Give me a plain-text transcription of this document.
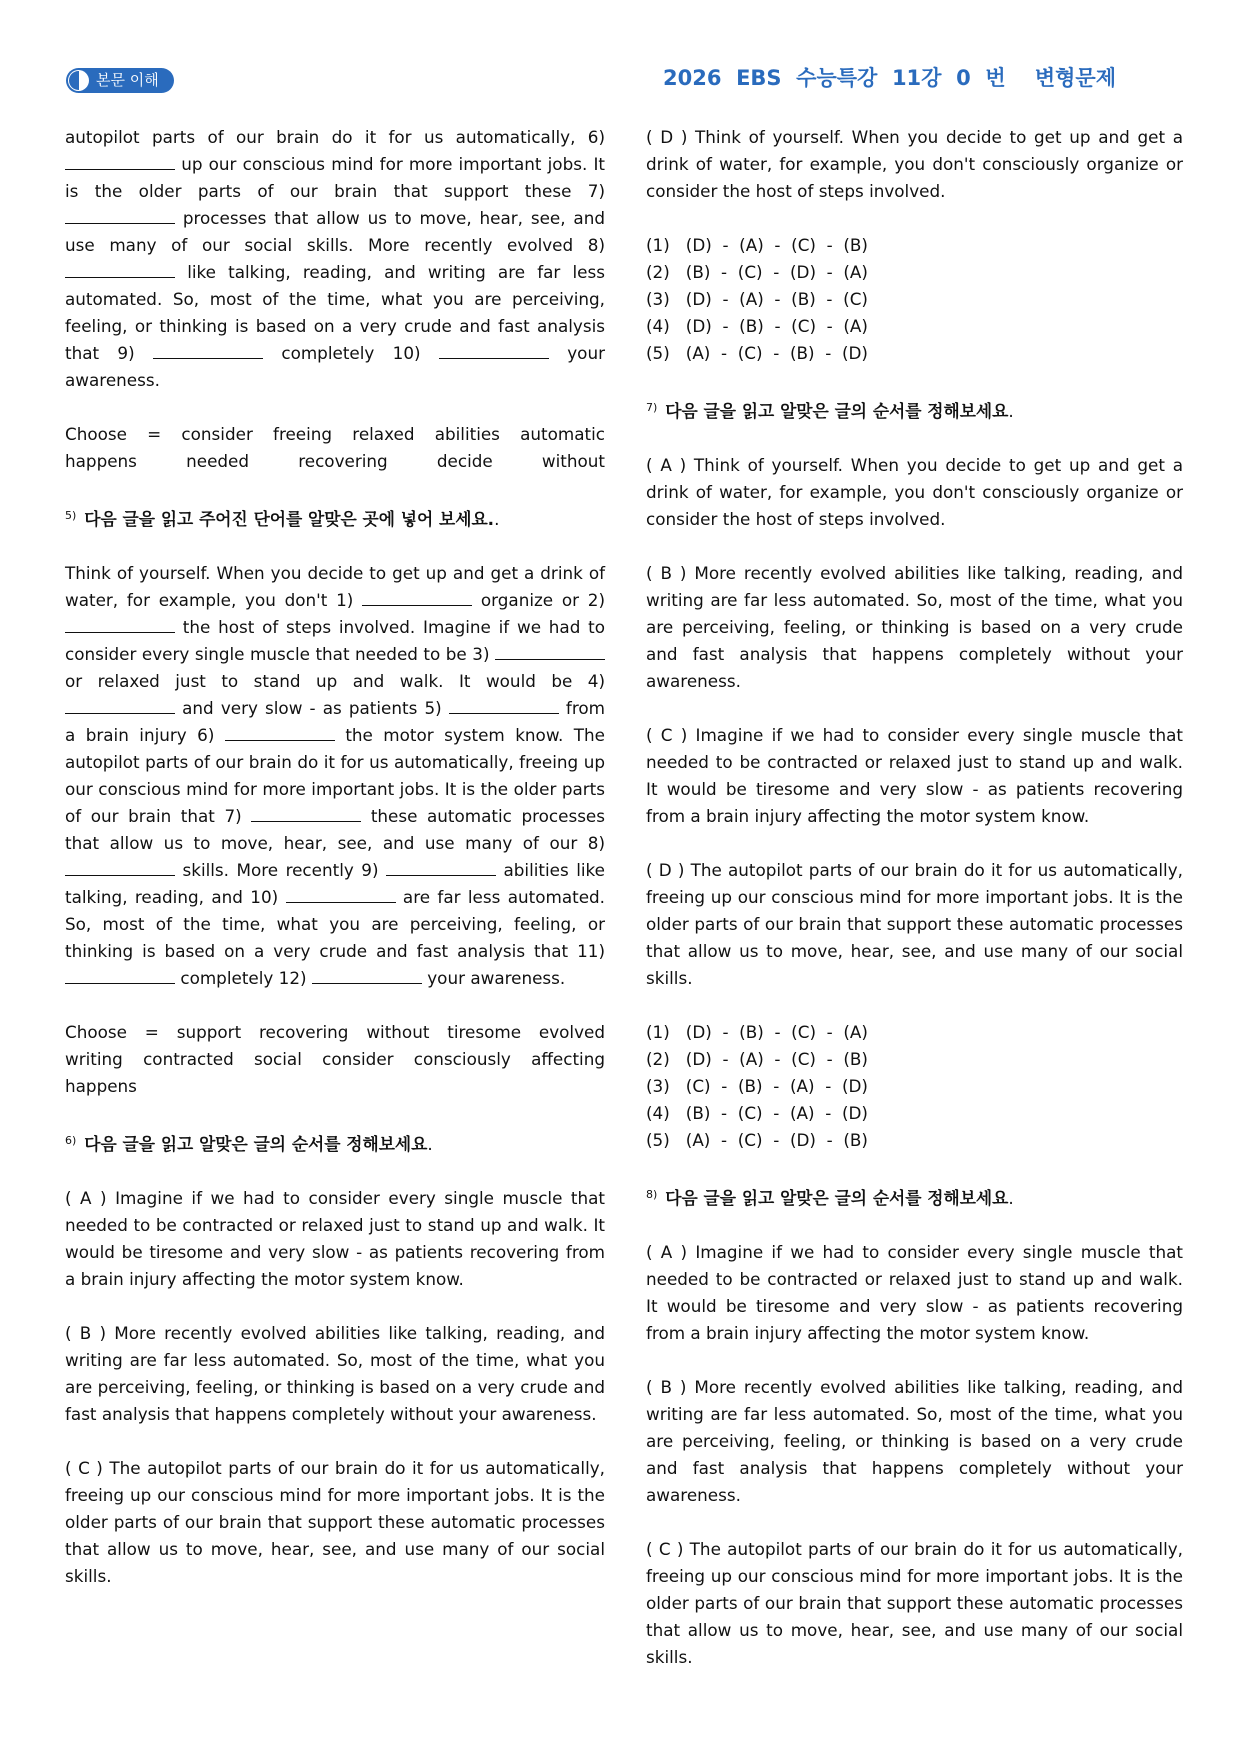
본문 이해	2026  EBS  수능특강  11강  0  번    변형문제

autopilot parts of our brain do it for us automatically, 6)

up our conscious mind for more important jobs. It

is the older parts of our brain that support these 7)

processes that allow us to move, hear, see, and

use many of our social skills. More recently evolved 8)

like talking, reading, and writing are far less

automated. So, most of the time, what you are perceiving,

feeling, or thinking is based on a very crude and fast analysis

that 9)	completely 10)	your

awareness.

Choose = consider freeing relaxed abilities automatic

happens needed recovering decide without

$^{5)}$ 다음 글을 읽고 주어진 단어를 알맞은 곳에 넣어 보세요..

Think of yourself. When you decide to get up and get a drink of

water, for example, you don't 1)	organize or 2)

the host of steps involved. Imagine if we had to

consider every single muscle that needed to be 3)

or relaxed just to stand up and walk. It would be 4)

and very slow - as patients 5)	from

a brain injury 6)	the motor system know. The

autopilot parts of our brain do it for us automatically, freeing up

our conscious mind for more important jobs. It is the older parts

of our brain that 7)	these automatic processes

that allow us to move, hear, see, and use many of our 8)

skills. More recently 9)	abilities like

talking, reading, and 10)	are far less automated.

So, most of the time, what you are perceiving, feeling, or

thinking is based on a very crude and fast analysis that 11)

completely 12)	your awareness.

Choose = support recovering without tiresome evolved

writing contracted social consider consciously affecting

happens

$^{6)}$ 다음 글을 읽고 알맞은 글의 순서를 정해보세요.

( A ) Imagine if we had to consider every single muscle that needed to be contracted or relaxed just to stand up and walk. It would be tiresome and very slow - as patients recovering from a brain injury affecting the motor system know.

( B ) More recently evolved abilities like talking, reading, and writing are far less automated. So, most of the time, what you are perceiving, feeling, or thinking is based on a very crude and fast analysis that happens completely without your awareness.

( C ) The autopilot parts of our brain do it for us automatically, freeing up our conscious mind for more important jobs. It is the older parts of our brain that support these automatic processes that allow us to move, hear, see, and use many of our social skills.

( D ) Think of yourself. When you decide to get up and get a drink of water, for example, you don't consciously organize or consider the host of steps involved.

(1)   (D)  -  (A)  -  (C)  -  (B)
(2)   (B)  -  (C)  -  (D)  -  (A)
(3)   (D)  -  (A)  -  (B)  -  (C)
(4)   (D)  -  (B)  -  (C)  -  (A)
(5)   (A)  -  (C)  -  (B)  -  (D)
$^{7)}$ 다음 글을 읽고 알맞은 글의 순서를 정해보세요.

( A ) Think of yourself. When you decide to get up and get a drink of water, for example, you don't consciously organize or consider the host of steps involved.

( B ) More recently evolved abilities like talking, reading, and writing are far less automated. So, most of the time, what you are perceiving, feeling, or thinking is based on a very crude and fast analysis that happens completely without your awareness.

( C ) Imagine if we had to consider every single muscle that needed to be contracted or relaxed just to stand up and walk. It would be tiresome and very slow - as patients recovering from a brain injury affecting the motor system know.

( D ) The autopilot parts of our brain do it for us automatically, freeing up our conscious mind for more important jobs. It is the older parts of our brain that support these automatic processes that allow us to move, hear, see, and use many of our social skills.

(1)   (D)  -  (B)  -  (C)  -  (A)
(2)   (D)  -  (A)  -  (C)  -  (B)
(3)   (C)  -  (B)  -  (A)  -  (D)
(4)   (B)  -  (C)  -  (A)  -  (D)
(5)   (A)  -  (C)  -  (D)  -  (B)
$^{8)}$ 다음 글을 읽고 알맞은 글의 순서를 정해보세요.

( A ) Imagine if we had to consider every single muscle that needed to be contracted or relaxed just to stand up and walk. It would be tiresome and very slow - as patients recovering from a brain injury affecting the motor system know.

( B ) More recently evolved abilities like talking, reading, and writing are far less automated. So, most of the time, what you are perceiving, feeling, or thinking is based on a very crude and fast analysis that happens completely without your awareness.

( C ) The autopilot parts of our brain do it for us automatically, freeing up our conscious mind for more important jobs. It is the older parts of our brain that support these automatic processes that allow us to move, hear, see, and use many of our social skills.
